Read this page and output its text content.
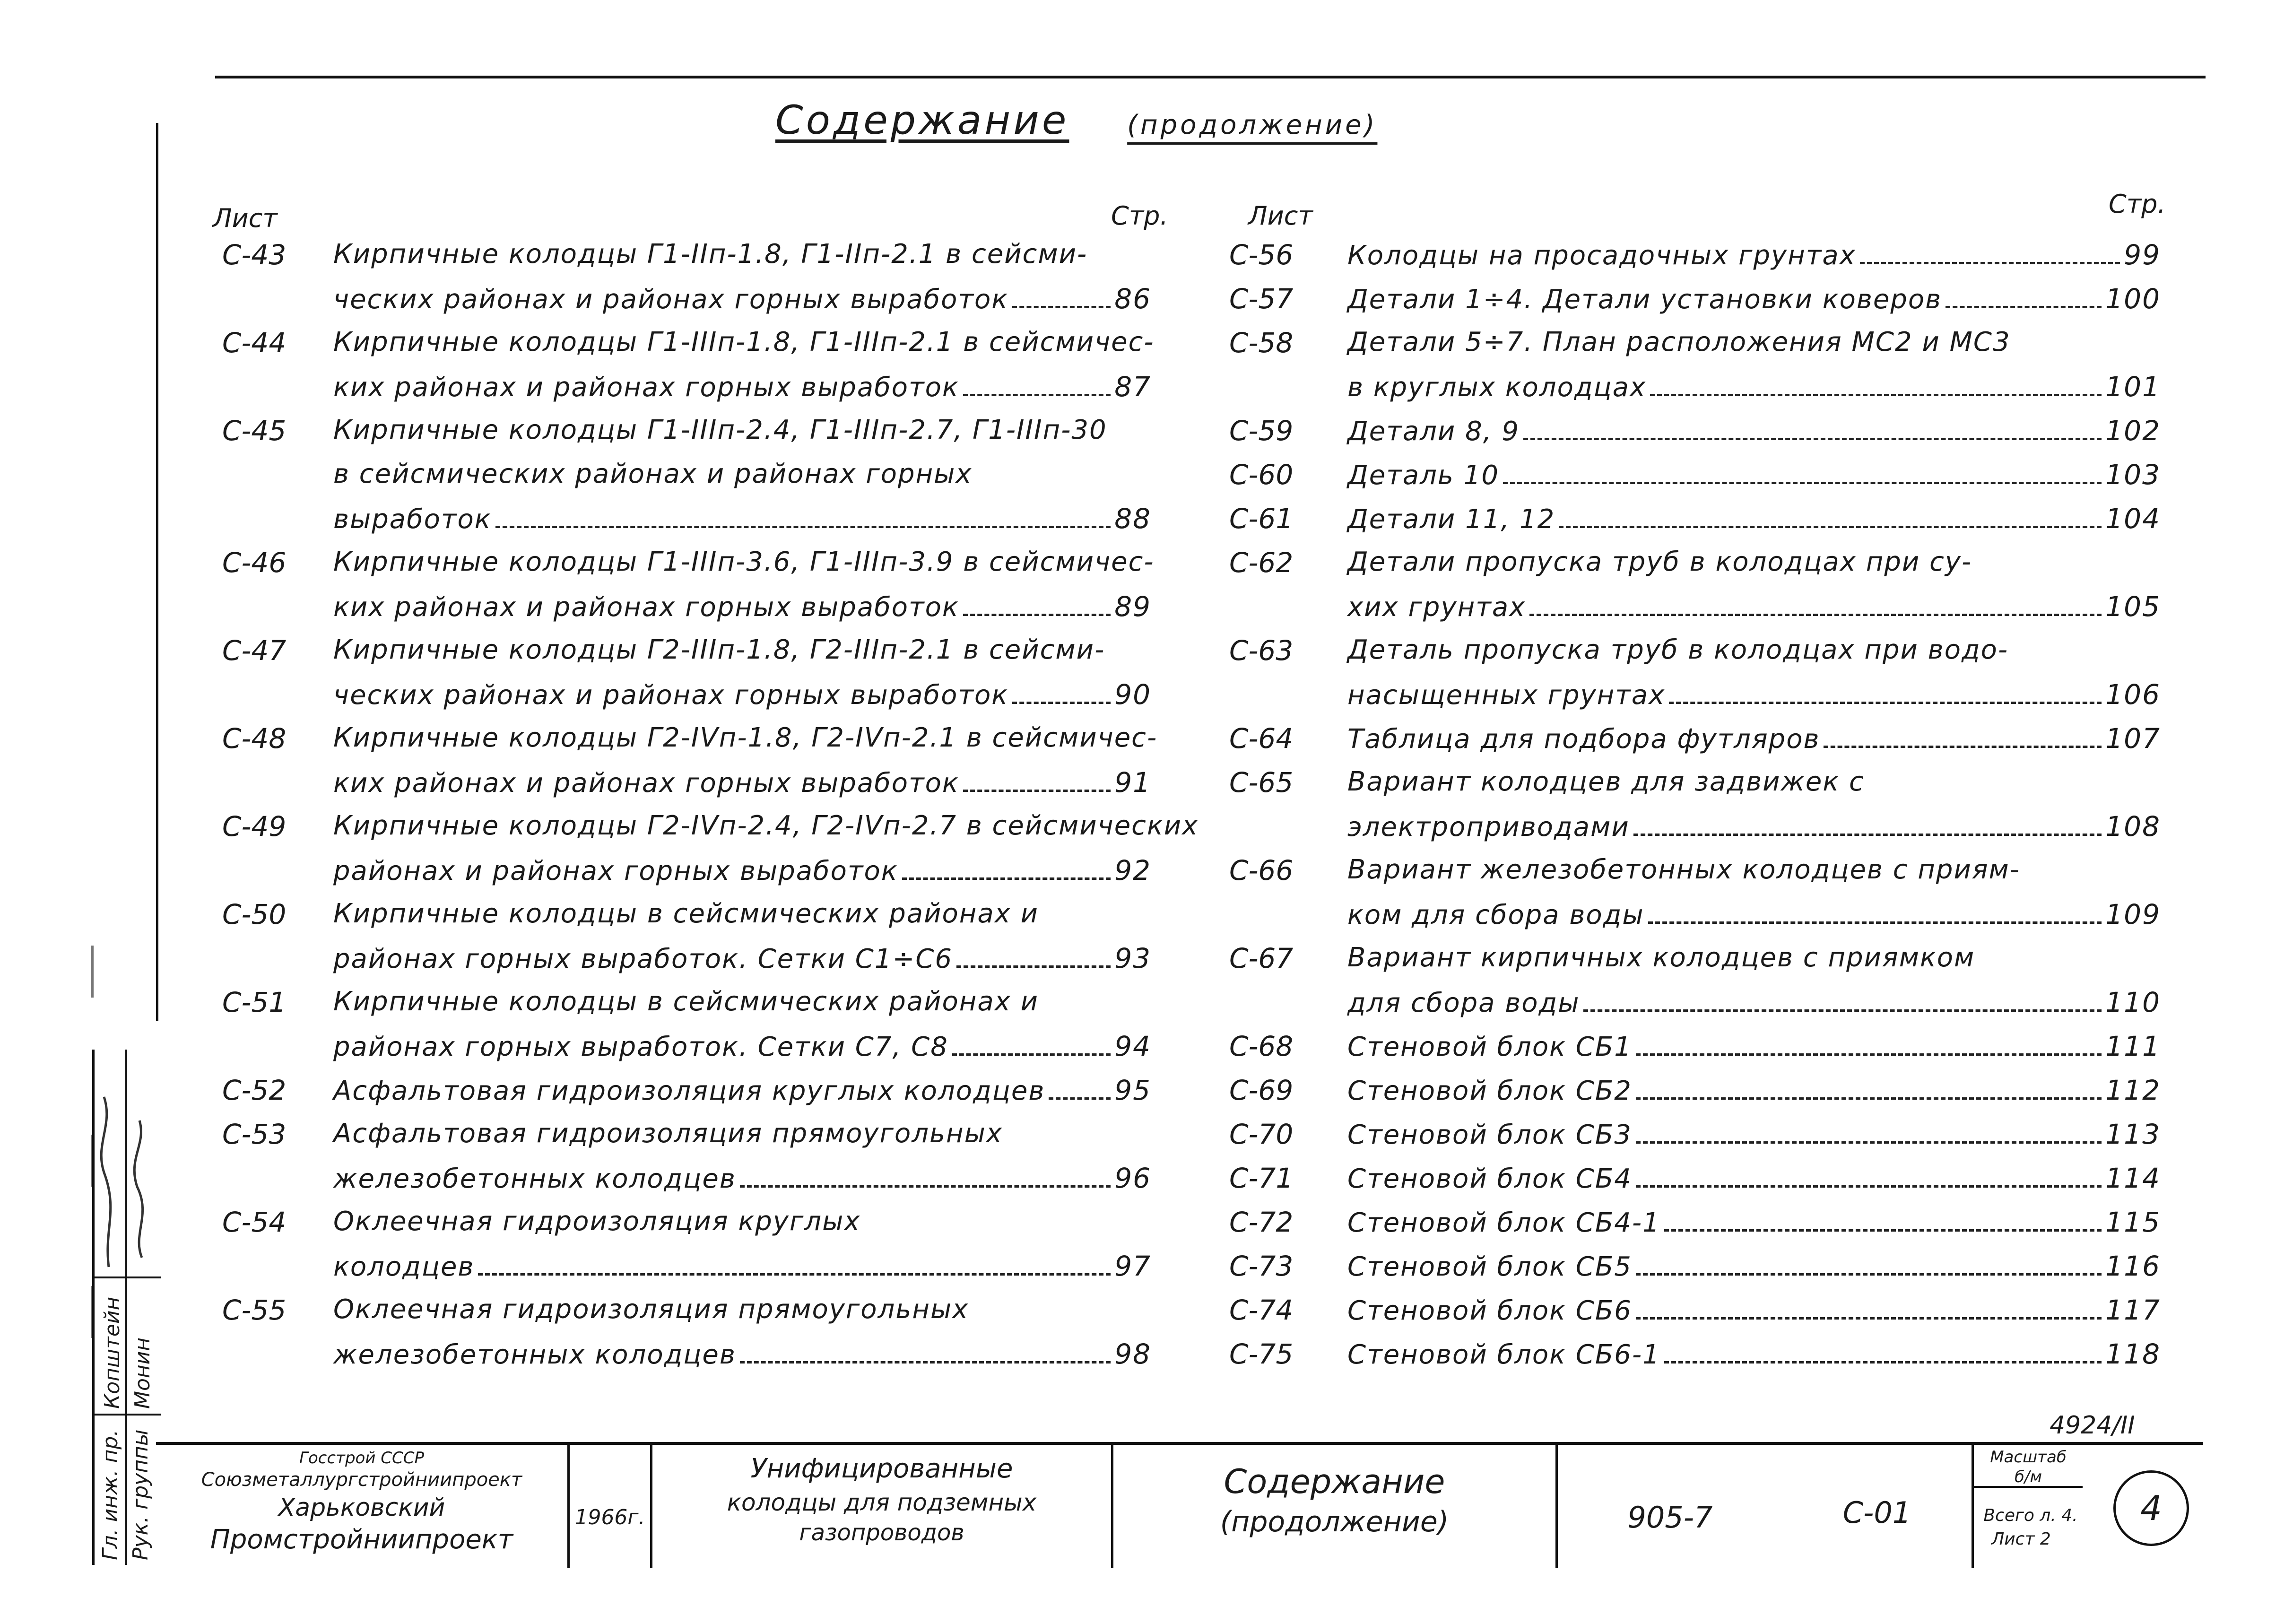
Содержание (продолжение)
Лист	Стр.	Лист	Стр.
С-43 Кирпичные колодцы Г1-IIп-1.8, Г1-IIп-2.1 в сейсми-
ческих районах и районах горных выработок	86
С-44 Кирпичные колодцы Г1-IIIп-1.8, Г1-IIIп-2.1 в сейсмичес-
ких районах и районах горных выработок	87
С-45 Кирпичные колодцы Г1-IIIп-2.4, Г1-IIIп-2.7, Г1-IIIп-30
в сейсмических районах и районах горных
выработок	88
С-46 Кирпичные колодцы Г1-IIIп-3.6, Г1-IIIп-3.9 в сейсмичес-
ких районах и районах горных выработок	89
С-47 Кирпичные колодцы Г2-IIIп-1.8, Г2-IIIп-2.1 в сейсми-
ческих районах и районах горных выработок	90
С-48 Кирпичные колодцы Г2-IVп-1.8, Г2-IVп-2.1 в сейсмичес-
ких районах и районах горных выработок	91
С-49 Кирпичные колодцы Г2-IVп-2.4, Г2-IVп-2.7 в сейсмических
районах и районах горных выработок	92
С-50 Кирпичные колодцы в сейсмических районах и
районах горных выработок. Сетки С1÷С6	93
С-51 Кирпичные колодцы в сейсмических районах и
районах горных выработок. Сетки С7, С8	94
С-52 Асфальтовая гидроизоляция круглых колодцев	95
С-53 Асфальтовая гидроизоляция прямоугольных
железобетонных колодцев	96
С-54 Оклеечная гидроизоляция круглых
колодцев	97
С-55 Оклеечная гидроизоляция прямоугольных
железобетонных колодцев	98
С-56 Колодцы на просадочных грунтах	99
С-57 Детали 1÷4. Детали установки коверов	100
С-58 Детали 5÷7. План расположения МС2 и МС3
в круглых колодцах	101
С-59 Детали 8, 9	102
С-60 Деталь 10	103
С-61 Детали 11, 12	104
С-62 Детали пропуска труб в колодцах при су-
хих грунтах	105
С-63 Деталь пропуска труб в колодцах при водо-
насыщенных грунтах	106
С-64 Таблица для подбора футляров	107
С-65 Вариант колодцев для задвижек с
электроприводами	108
С-66 Вариант железобетонных колодцев с приям-
ком для сбора воды	109
С-67 Вариант кирпичных колодцев с приямком
для сбора воды	110
С-68 Стеновой блок СБ1	111
С-69 Стеновой блок СБ2	112
С-70 Стеновой блок СБ3	113
С-71 Стеновой блок СБ4	114
С-72 Стеновой блок СБ4-1	115
С-73 Стеновой блок СБ5	116
С-74 Стеновой блок СБ6	117
С-75 Стеновой блок СБ6-1	118
Гл. инж. пр. Рук. группы
Копштейн Монин
4924/II
Госстрой СССР
Союзметаллургстройниипроект
Харьковский
Промстройниипроект
1966г.
Унифицированные
колодцы для подземных
газопроводов
Содержание
(продолжение)	905-7	С-01
Масштаб
б/м
Всего л. 4.
Лист 2
4
